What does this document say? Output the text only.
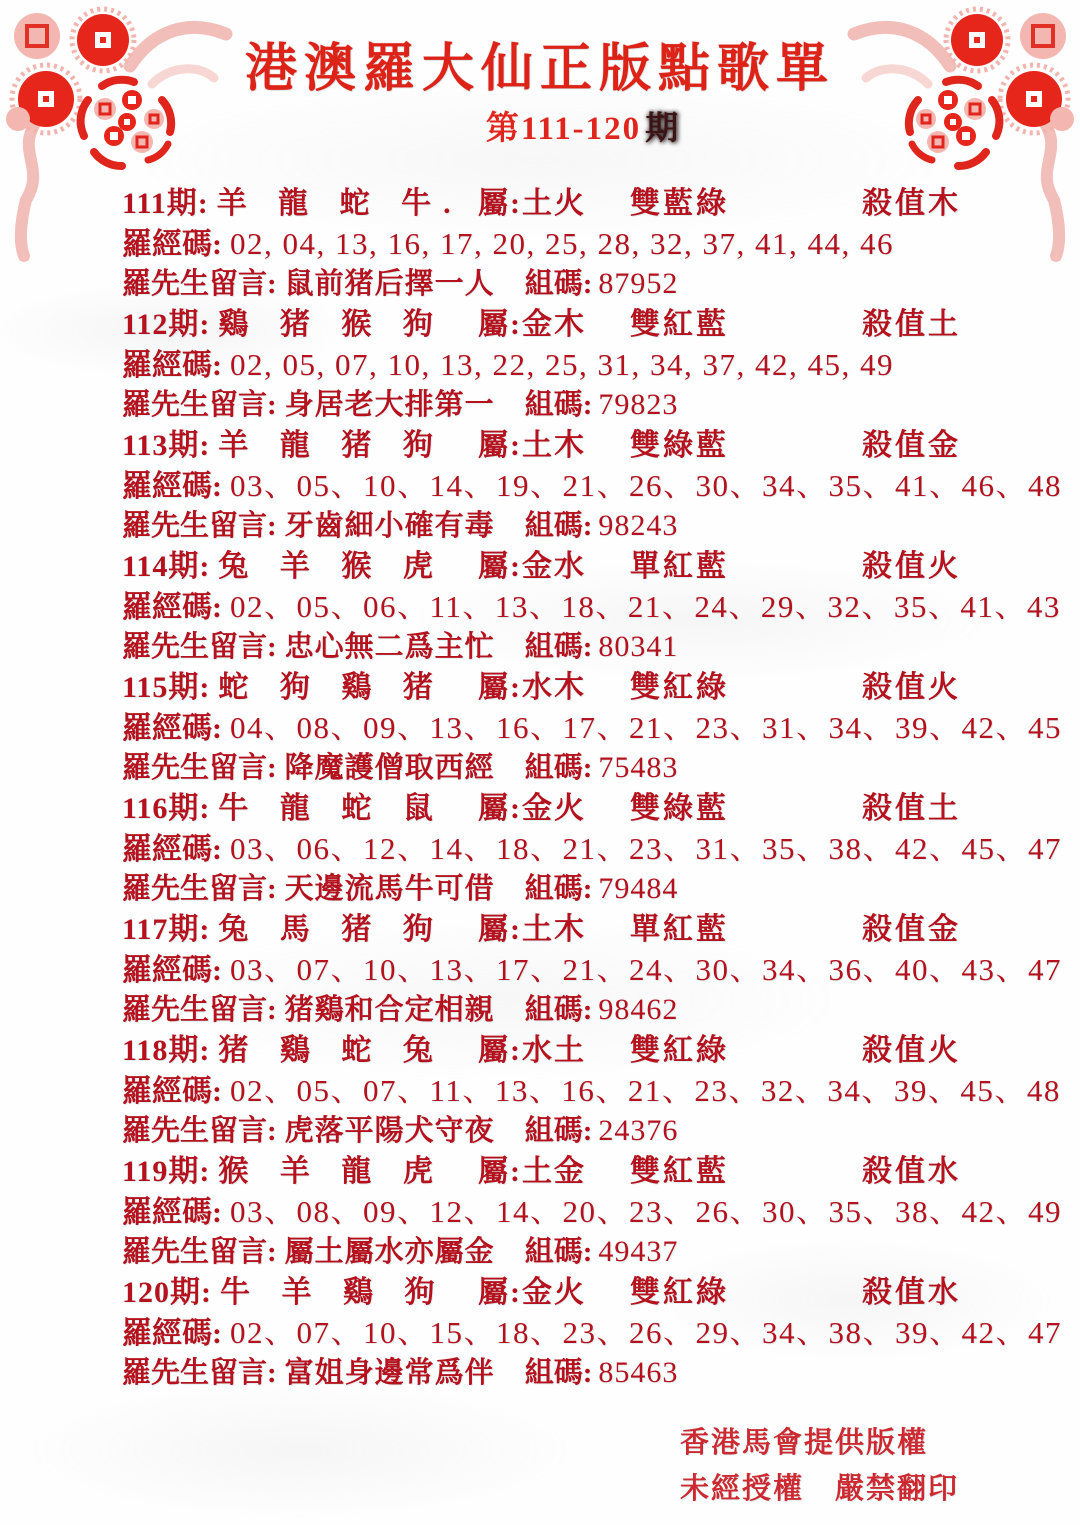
港澳羅大仙正版點歌單
第111-120 期
111期: 羊 龍 蛇 牛. 屬:土火 雙藍綠	殺值木
羅經碼: 02, 04, 13, 16, 17, 20, 25, 28, 32, 37, 41, 44, 46
羅先生留言: 鼠前猪后擇一人 組碼: 87952
112期: 鷄 猪 猴 狗 屬:金木 雙紅藍	殺值土
羅經碼: 02, 05, 07, 10, 13, 22, 25, 31, 34, 37, 42, 45, 49
羅先生留言: 身居老大排第一 組碼: 79823
113期: 羊 龍 猪 狗 屬:土木 雙綠藍	殺值金
羅經碼: 03、05、10、14、19、21、26、30、34、35、41、46、48
羅先生留言: 牙齒細小確有毒 組碼: 98243
114期: 兔 羊 猴 虎 屬:金水 單紅藍	殺值火
羅經碼: 02、05、06、11、13、18、21、24、29、32、35、41、43
羅先生留言: 忠心無二爲主忙 組碼: 80341
115期: 蛇 狗 鷄 猪 屬:水木 雙紅綠	殺值火
羅經碼: 04、08、09、13、16、17、21、23、31、34、39、42、45
羅先生留言: 降魔護僧取西經 組碼: 75483
116期: 牛 龍 蛇 鼠 屬:金火 雙綠藍	殺值土
羅經碼: 03、06、12、14、18、21、23、31、35、38、42、45、47
羅先生留言: 天邊流馬牛可借 組碼: 79484
117期: 兔 馬 猪 狗 屬:土木 單紅藍	殺值金
羅經碼: 03、07、10、13、17、21、24、30、34、36、40、43、47
羅先生留言: 猪鷄和合定相親 組碼: 98462
118期: 猪 鷄 蛇 兔 屬:水土 雙紅綠	殺值火
羅經碼: 02、05、07、11、13、16、21、23、32、34、39、45、48
羅先生留言: 虎落平陽犬守夜 組碼: 24376
119期: 猴 羊 龍 虎 屬:土金 雙紅藍	殺值水
羅經碼: 03、08、09、12、14、20、23、26、30、35、38、42、49
羅先生留言: 屬土屬水亦屬金 組碼: 49437
120期: 牛 羊 鷄 狗 屬:金火 雙紅綠	殺值水
羅經碼: 02、07、10、15、18、23、26、29、34、38、39、42、47
羅先生留言: 富姐身邊常爲伴 組碼: 85463
香港馬會提供版權
未經授權　嚴禁翻印
